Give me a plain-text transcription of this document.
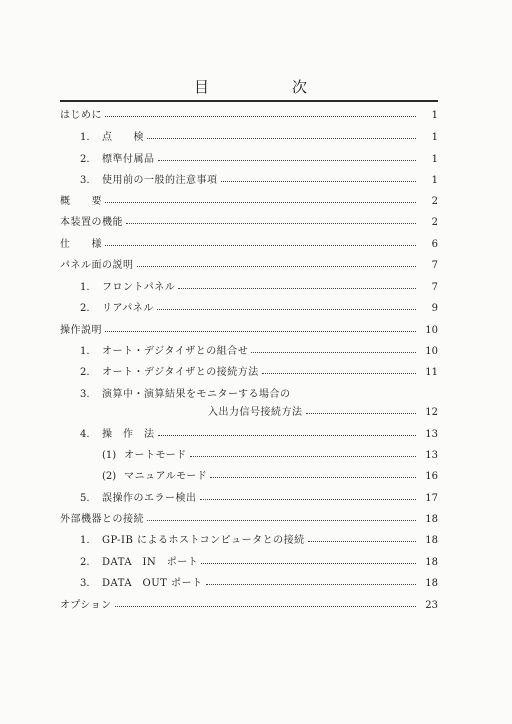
目	次
はじめに	1
1.	点　　検	1
2.	標準付属品	1
3.	使用前の一般的注意事項	1
概　　要	2
本装置の機能	2
仕　　様	6
パネル面の説明	7
1.	フロントパネル	7
2.	リアパネル	9
操作説明	10
1.	オート・デジタイザとの組合せ	10
2.	オート・デジタイザとの接続方法	11
3.	演算中・演算結果をモニターする場合の
入出力信号接続方法	12
4.	操　作　法	13
(1) オートモード	13
(2) マニュアルモード	16
5.	誤操作のエラー検出	17
外部機器との接続	18
1.	GP-IB によるホストコンピュータとの接続	18
2.	DATA　IN　ポート	18
3.	DATA　OUT ポート	18
オプション	23
